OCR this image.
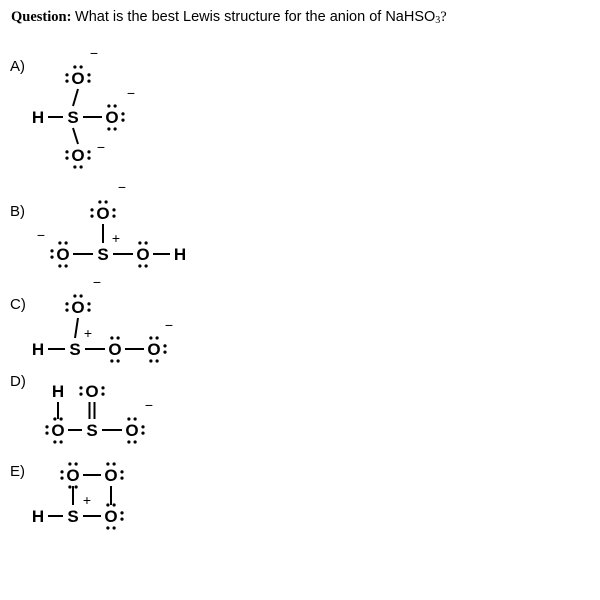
Question: What is the best Lewis structure for the anion of NaHSO$_3$?
A)
O
H S O
O
−
−
−
B)	O
O S O H
−
−	+
C)	O
H S O O
−
+	−
D)
H O
O S O
−
E) O O
H S O
+
